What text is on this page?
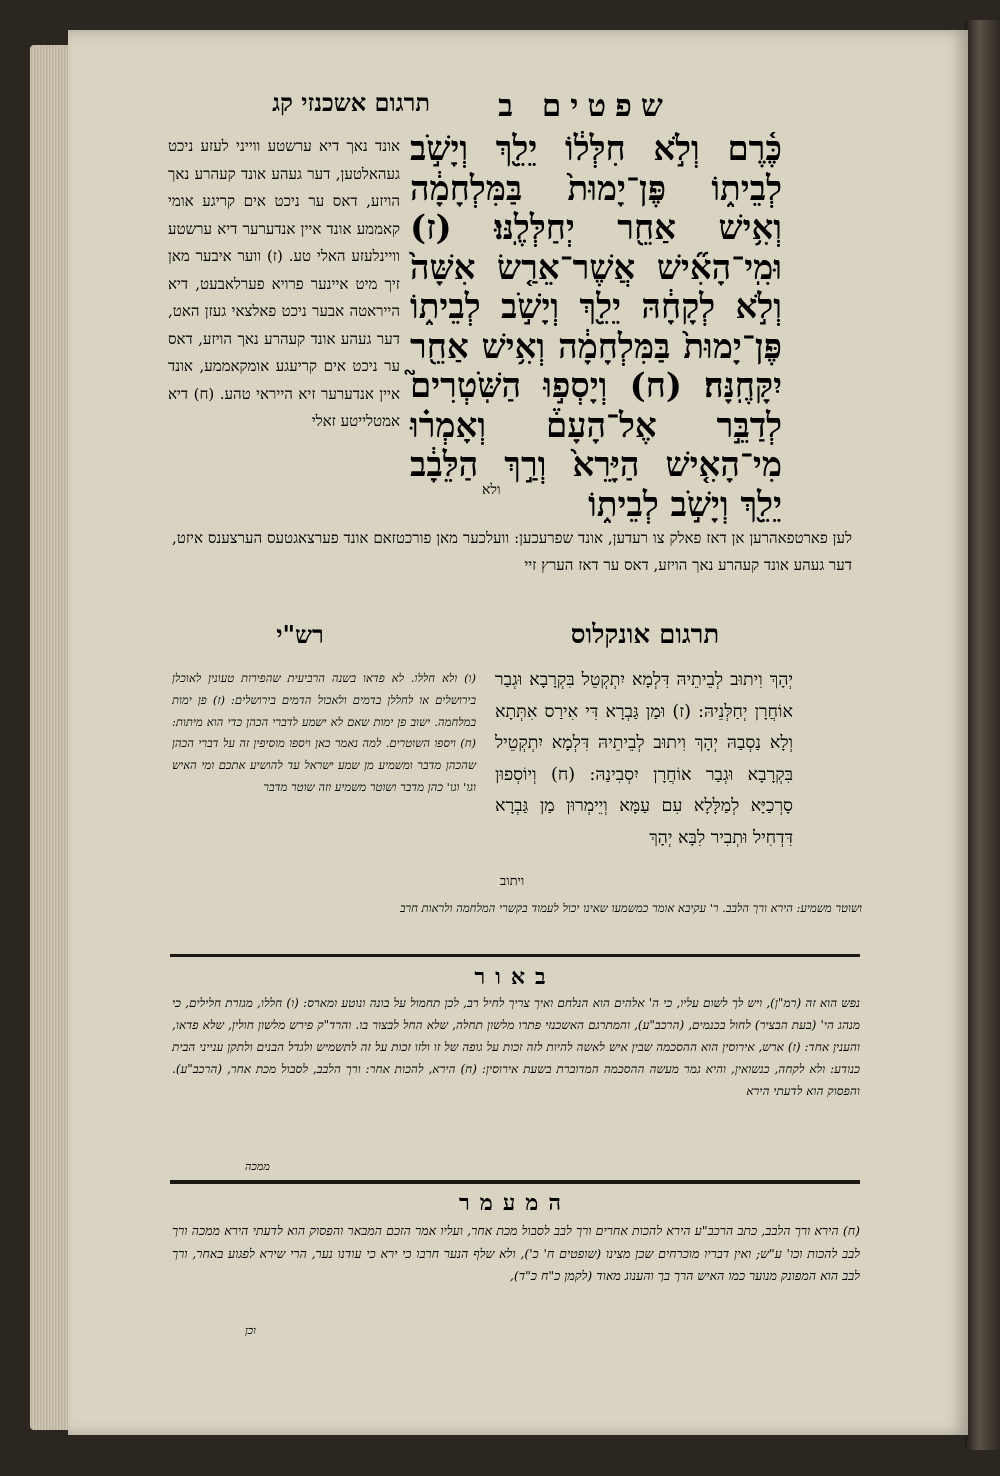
שפטים ב
תרגום אשכנזי קג
כֶּ֫רֶם וְלֹ֣א חִלְּל֔וֹ יֵלֵ֖ךְ וְיָשֹׁ֣ב לְבֵית֑וֹ פֶּן־יָמוּת֙ בַּמִּלְחָמָ֔ה וְאִ֥ישׁ אַחֵ֖ר יְחַלְּלֶֽנּוּ׃ (ז) וּמִֽי־הָאִ֞ישׁ אֲשֶׁר־אֵרַ֤שׂ אִשָּׁה֙ וְלֹ֣א לְקָחָ֔הּ יֵלֵ֖ךְ וְיָשֹׁ֣ב לְבֵית֑וֹ פֶּן־יָמוּת֙ בַּמִּלְחָמָ֔ה וְאִ֥ישׁ אַחֵ֖ר יִקָּחֶֽנָּה׃ (ח) וְיָסְפ֣וּ הַשֹּֽׁטְרִים֮ לְדַבֵּ֣ר אֶל־הָעָם֒ וְאָמְר֗וּ מִי־הָאִ֤ישׁ הַיָּרֵא֙ וְרַ֣ךְ הַלֵּבָ֔ב יֵלֵ֖ךְ וְיָשֹׁ֣ב לְבֵית֑וֹ
ולא
אונד נאך דיא ערשטע ווייני לעזע ניכט געהאלטען, דער געהע אונד קעהרע נאך הויזע, דאס ער ניכט אים קריגע אומי קאממע אונד איין אנדערער דיא ערשטע וויינלעזע האלי טע. (ז) ווער איבער מאן זיך מיט איינער פרויא פערלאבעט, דיא הייראטה אבער ניכט פאלצאי געזן האט, דער געהע אונד קעהרע נאך הויזע, דאס ער ניכט אים קריעגע אומקאממע, אונד איין אנדערער זיא הייראי טהע. (ח) דיא אמטלייטע זאלי
לען פארטפאהרען אן דאז פאלק צו רעדען, אונד שפרעכען: וועלכער מאן פורכטזאם אונד פערצאגטעס הערצענס איזט, דער געהע אונד קעהרע נאך הויזע, דאס ער דאז הערץ זיי
תרגום אונקלוס
רש"י
יְהָךְ וִיתוּב לְבֵיתֵיהּ דִּלְמָא יִתְקְטֵל בִּקְרָבָא וּגְבַר אוֹחֲרָן יְחַלְּנֵיהּ: (ז) וּמַן גַּבְרָא דִּי אִירַס אִתְּתָא וְלָא נַסְבַהּ יְהָךְ וִיתוּב לְבֵיתֵיהּ דִּלְמָא יִתְקְטֵיל בִּקְרָבָא וּגְבַר אוֹחֲרָן יִסְבִינַהּ: (ח) וְיוֹסְפוּן סָרְכַיָּא לְמַלָּלָא עִם עַמָּא וְיֵימְרוּן מַן גַּבְרָא דִּדְחִיל וּתְבִיר לִבָּא יְהָךְ
ויתוב
(ו) ולא חללו. לא פדאו בשנה הרביעית שהפירות טעונין לאוכלן בירושלים או לחללן בדמים ולאכול הדמים בירושלים: (ז) פן ימות במלחמה. ישוב פן ימות שאם לא ישמע לדברי הכהן כדי הוא מיתות: (ח) ויספו השוטרים. למה נאמר כאן ויספו מוסיפין זה על דברי הכהן שהכהן מדבר ומשמיע מן שמע ישראל עד להושיע אתכם ומי האיש וגו' וגו' כהן מדבר ושוטר משמיע וזה שוטר מדבר
ושוטר משמיע: הירא ורך הלבב. ר' עקיבא אומר כמשמעו שאינו יכול לעמוד בקשרי המלחמה ולראות חרב
באור
נפש הוא זה (רמ"ן), ויש לך לשום עליו, כי ה' אלהים הוא הנלחם ואיך צריך לחיל רב, לכן תחמול על בונה ונוטע ומארס: (ו) חללו, מגזרת חלילים, כי מנהג הי' (בעת הבציר) לחול בכנמים, (הרכב"ע), והמתרגם האשכנזי פתרו מלשון תחלה, שלא החל לבצור בו. והרד"ק פירש מלשון חולין, שלא פדאו, והענין אחד: (ז) ארש, אירוסין הוא ההסכמה שבין איש לאשה להיות לזה זכות על גופה של זו ולזו זכות על זה לתשמיש ולגדל הבנים ולתקן ענייני הבית כנודע: ולא לקחה, כנשואין, והיא גמר מעשה ההסכמה המדוברת בשעת אירוסין: (ח) הירא, להכות אחר: ורך הלבב, לסבול מכת אחר, (הרכב"ע). והפסוק הוא לדעתי הירא
ממכה
המעמר
(ח) הירא ורך הלבב, כתב הרכב"ע הירא להכות אחרים ורך לבב לסבול מכת אחר, ועליו אמר הזכם המבאר והפסוק הוא לדעתי הירא ממכה ורך לבב להכות וכו' ע"ש; ואין דבריו מוכרחים שכן מצינו (שופטים ח' כ'), ולא שלף הנער חרבו כי ירא כי עודנו נער, הרי שירא לפגוע באחר, ורך לבב הוא המפונק מנוער כמו האיש הרך בך והענוג מאוד (לקמן כ"ח כ"ד),
וכן
